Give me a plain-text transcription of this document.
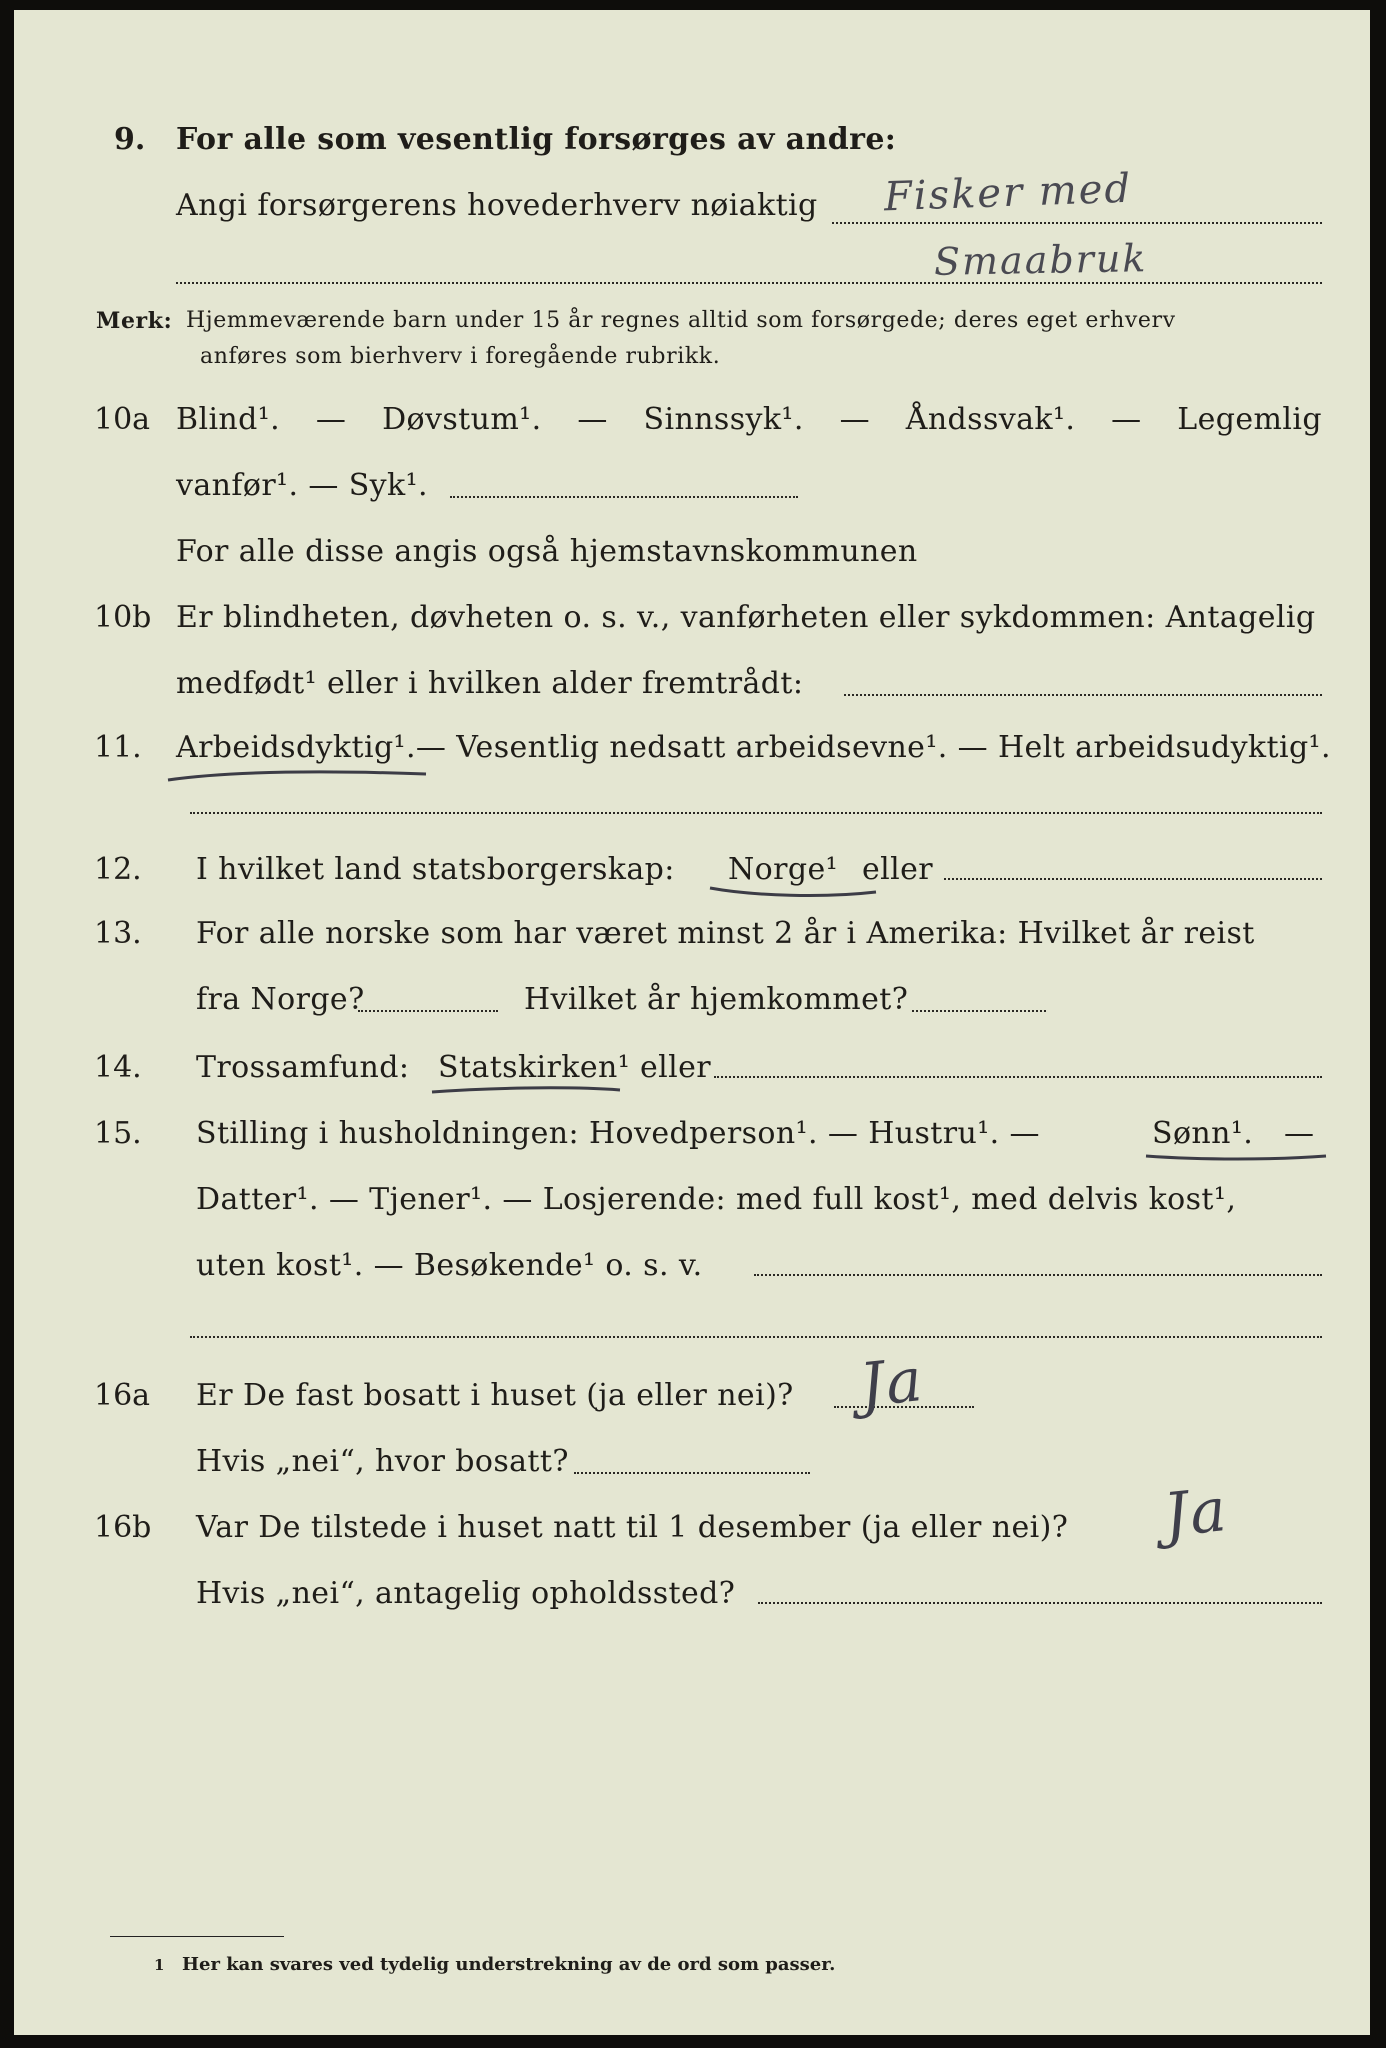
9. For alle som vesentlig forsørges av andre:
Angi forsørgerens hovederhverv nøiaktig Fisker med
Smaabruk
Merk: Hjemmeværende barn under 15 år regnes alltid som forsørgede; deres eget erhverv
anføres som bierhverv i foregående rubrikk.
10a Blind¹. — Døvstum¹. — Sinnssyk¹. — Åndssvak¹. — Legemlig
vanfør¹. — Syk¹.
For alle disse angis også hjemstavnskommunen
10b Er blindheten, døvheten o. s. v., vanførheten eller sykdommen: Antagelig
medfødt¹ eller i hvilken alder fremtrådt:
11. Arbeidsdyktig¹.— Vesentlig nedsatt arbeidsevne¹. — Helt arbeidsudyktig¹.
12. I hvilket land statsborgerskap: Norge¹ eller
13. For alle norske som har været minst 2 år i Amerika: Hvilket år reist
fra Norge?	Hvilket år hjemkommet?
14. Trossamfund: Statskirken¹ eller
15. Stilling i husholdningen: Hovedperson¹. — Hustru¹. —	Sønn¹. —
Datter¹. — Tjener¹. — Losjerende: med full kost¹, med delvis kost¹,
uten kost¹. — Besøkende¹ o. s. v.
16a Er De fast bosatt i huset (ja eller nei)? Ja
Hvis „nei“, hvor bosatt?
16b Var De tilstede i huset natt til 1 desember (ja eller nei)? Ja
Hvis „nei“, antagelig opholdssted?
1 Her kan svares ved tydelig understrekning av de ord som passer.
